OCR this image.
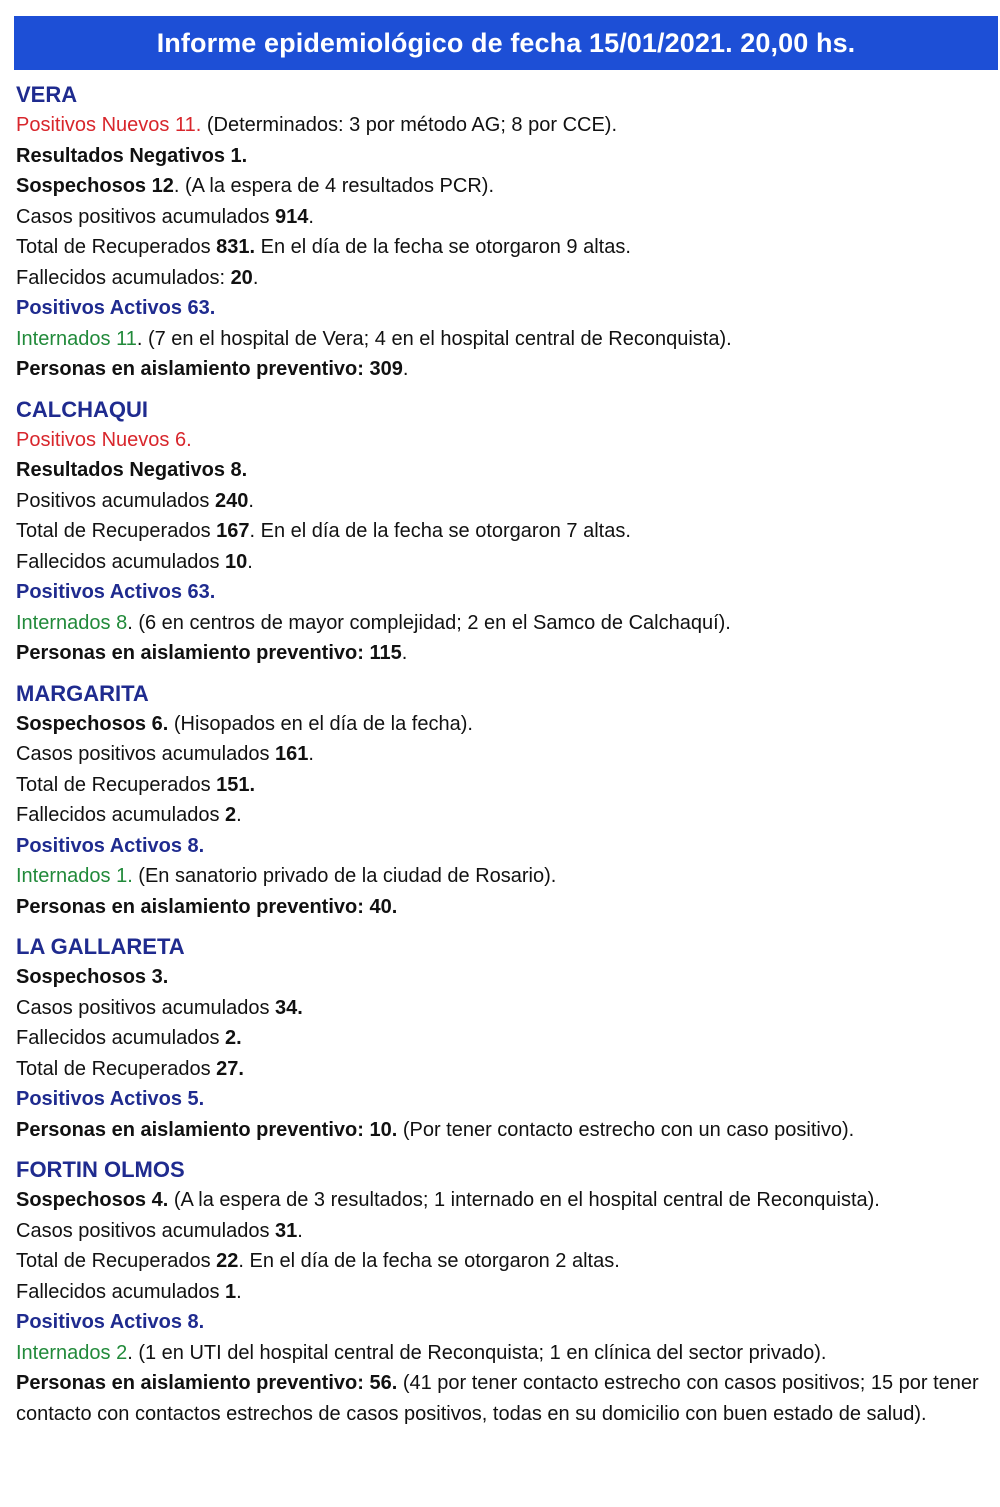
Informe epidemiológico de fecha 15/01/2021. 20,00 hs.
VERA
Positivos Nuevos 11. (Determinados: 3 por método AG; 8 por CCE).
Resultados Negativos 1.
Sospechosos 12. (A la espera de 4 resultados PCR).
Casos positivos acumulados 914.
Total de Recuperados 831. En el día de la fecha se otorgaron 9 altas.
Fallecidos acumulados: 20.
Positivos Activos 63.
Internados 11. (7 en el hospital de Vera; 4 en el hospital central de Reconquista).
Personas en aislamiento preventivo: 309.
CALCHAQUI
Positivos Nuevos 6.
Resultados Negativos 8.
Positivos acumulados 240.
Total de Recuperados 167. En el día de la fecha se otorgaron 7 altas.
Fallecidos acumulados 10.
Positivos Activos 63.
Internados 8. (6 en centros de mayor complejidad; 2 en el Samco de Calchaquí).
Personas en aislamiento preventivo: 115.
MARGARITA
Sospechosos 6. (Hisopados en el día de la fecha).
Casos positivos acumulados 161.
Total de Recuperados 151.
Fallecidos acumulados 2.
Positivos Activos 8.
Internados 1. (En sanatorio privado de la ciudad de Rosario).
Personas en aislamiento preventivo: 40.
LA GALLARETA
Sospechosos 3.
Casos positivos acumulados 34.
Fallecidos acumulados 2.
Total de Recuperados 27.
Positivos Activos 5.
Personas en aislamiento preventivo: 10. (Por tener contacto estrecho con un caso positivo).
FORTIN OLMOS
Sospechosos 4. (A la espera de 3 resultados; 1 internado en el hospital central de Reconquista).
Casos positivos acumulados 31.
Total de Recuperados 22. En el día de la fecha se otorgaron 2 altas.
Fallecidos acumulados 1.
Positivos Activos 8.
Internados 2. (1 en UTI del hospital central de Reconquista; 1 en clínica del sector privado).
Personas en aislamiento preventivo: 56. (41 por tener contacto estrecho con casos positivos; 15 por tener contacto con contactos estrechos de casos positivos, todas en su domicilio con buen estado de salud).
